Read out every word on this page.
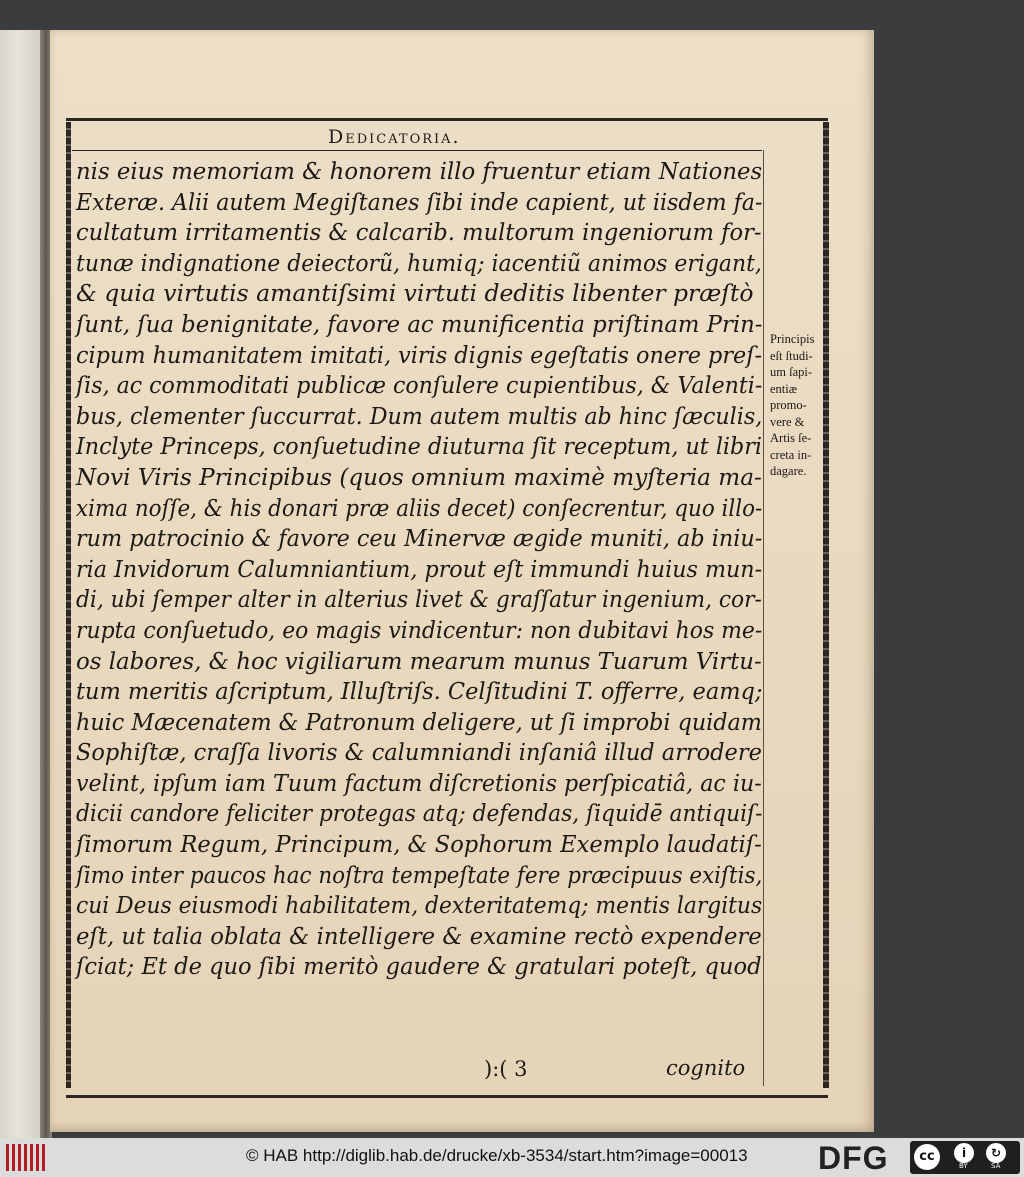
Dedicatoria.
nis eius memoriam & honorem illo fruentur etiam Nationes
Exteræ. Alii autem Megiſtanes ſibi inde capient, ut iisdem fa-
cultatum irritamentis & calcarib. multorum ingeniorum for-
tunæ indignatione deiectorũ, humiq; iacentiũ animos erigant,
& quia virtutis amantiſsimi virtuti deditis libenter præſtò
ſunt, ſua benignitate, favore ac munificentia priſtinam Prin-
cipum humanitatem imitati, viris dignis egeſtatis onere preſ-
ſis, ac commoditati publicæ conſulere cupientibus, & Valenti-
bus, clementer ſuccurrat. Dum autem multis ab hinc ſæculis,
Inclyte Princeps, conſuetudine diuturna ſit receptum, ut libri
Novi Viris Principibus (quos omnium maximè myſteria ma-
xima noſſe, & his donari præ aliis decet) conſecrentur, quo illo-
rum patrocinio & favore ceu Minervæ ægide muniti, ab iniu-
ria Invidorum Calumniantium, prout eſt immundi huius mun-
di, ubi ſemper alter in alterius livet & graſſatur ingenium, cor-
rupta conſuetudo, eo magis vindicentur: non dubitavi hos me-
os labores, & hoc vigiliarum mearum munus Tuarum Virtu-
tum meritis aſcriptum, Illuſtriſs. Celſitudini T. offerre, eamq;
huic Mæcenatem & Patronum deligere, ut ſi improbi quidam
Sophiſtæ, craſſa livoris & calumniandi inſaniâ illud arrodere
velint, ipſum iam Tuum factum diſcretionis perſpicatiâ, ac iu-
dicii candore feliciter protegas atq; defendas, ſiquidē antiquiſ-
ſimorum Regum, Principum, & Sophorum Exemplo laudatiſ-
ſimo inter paucos hac noſtra tempeſtate fere præcipuus exiſtis,
cui Deus eiusmodi habilitatem, dexteritatemq; mentis largitus
eſt, ut talia oblata & intelligere & examine rectò expendere
ſciat; Et de quo ſibi meritò gaudere & gratulari poteſt, quod
Principis
eſt ſtudi-
um ſapi-
entiæ
promo-
vere &
Artis ſe-
creta in-
dagare.
):( 3	cognito
© HAB http://diglib.hab.de/drucke/xb-3534/start.htm?image=00013 DFG	cc	i	↻
BY	SA
